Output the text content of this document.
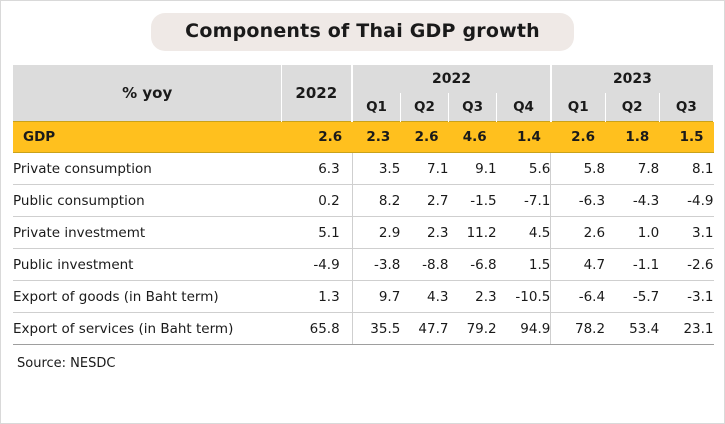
Components of Thai GDP growth
% yoy	2022	2022				2023		
		Q1	Q2	Q3	Q4	Q1	Q2	Q3
GDP	2.6	2.3	2.6	4.6	1.4	2.6	1.8	1.5
Private consumption	6.3	3.5	7.1	9.1	5.6	5.8	7.8	8.1
Public consumption	0.2	8.2	2.7	-1.5	-7.1	-6.3	-4.3	-4.9
Private investmemt	5.1	2.9	2.3	11.2	4.5	2.6	1.0	3.1
Public investment	-4.9	-3.8	-8.8	-6.8	1.5	4.7	-1.1	-2.6
Export of goods (in Baht term)	1.3	9.7	4.3	2.3	-10.5	-6.4	-5.7	-3.1
Export of services (in Baht term)	65.8	35.5	47.7	79.2	94.9	78.2	53.4	23.1
Source: NESDC
